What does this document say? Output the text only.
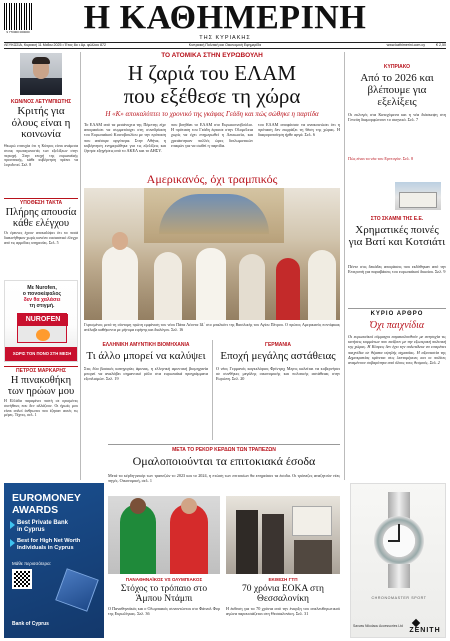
9 770000 000000	Η ΚΑΘΗΜΕΡΙΝΗ
ΤΗΣ ΚΥΡΙΑΚΗΣ
ΛΕΥΚΩΣΙΑ, Κυριακή 11 Μαΐου 2025 • Έτος 8ο • Αρ. φύλλου 872	Κυπριακή Πολιτική και Οικονομική Εφημερίδα	www.kathimerini.com.cy	€ 2,50
ΚΩΝ/ΝΟΣ ΛΕΤΥΜΠΙΩΤΗΣ
Κριτής για όλους είναι η κοινωνία
Θεωρώ επιτυχία ότι η Κύπρος είναι ανάμεσα στους πρωταγωνιστές των εξελίξεων στην περιοχή. Στην εποχή της ευρωπαϊκής προοπτικής, κάθε κυβέρνηση πρέπει να λογοδοτεί. Σελ. 8
ΥΠΟΘΕΣΗ ΤΑΚΤΑ
Πλήρης απουσία κάθε ελέγχου
Οι έρευνες έχουν αποκαλύψει ότι τα ποσά διακινήθηκαν χωρίς κανένα ουσιαστικό έλεγχο από τις αρμόδιες υπηρεσίες. Σελ. 5
Με Nurofen,
ο πονοκέφαλος
δεν θα χαλάσει
τη στιγμή.
NUROFEN
ΧΩΡΙΣ ΤΟΝ ΠΟΝΟ ΣΤΗ ΜΕΣΗ
ΠΕΤΡΟΣ ΜΑΡΚΑΡΗΣ
Η πινακοθήκη των ηρώων μου
Η Ελλάδα παραμένει πιστή σε ορισμένες συνήθειες που δεν αλλάζουν. Οι ήρωές μου είναι απλοί άνθρωποι που έζησαν αυτές τις μέρες. Τέχνες, σελ. 1
EUROMONEY
AWARDS
Best Private Bank
in Cyprus
Best for High Net Worth
Individuals in Cyprus
Μάθε περισσότερα:
Bank of Cyprus
ΤΟ ΑΤΟΜΙΚΑ ΣΤΗΝ ΕΥΡΩΒΟΥΛΗ
Η ζαριά του ΕΛΑΜ
που εξέθεσε τη χώρα
Η «Κ» αποκαλύπτει το χρονικό της γκάφας Γεάδη και πώς σώθηκε η παρτίδα
Το ΕΛΑΜ από τα μεσάνυχτα της Πέμπτης είχε αποφασίσει να συμμετάσχει στη συνεδρίαση του Ευρωπαϊκού Κοινοβουλίου με την πρόταση που απέσυρε αργότερα. Στην Αθήνα, η κυβέρνηση ενημερώθηκε για τις εξελίξεις και ζήτησε εξηγήσεις από το ΑΚΕΛ και το ΔΗΣΥ.
που βοηθάει το ΕΛΑΜ στο Ευρωκοινοβούλιο. Η πρόταση του Γεάδη έφτασε στην Ολομέλεια χωρίς να έχει ενημερωθεί η Λευκωσία, και χρειάστηκαν πολλές ώρες διπλωματικών επαφών για να σωθεί η παρτίδα.
του ΕΛΑΜ αποφάσισε να ανακοινώσει ότι η πρόταση δεν εκφράζει τη θέση της χώρας. Η διαφοροποίηση ήρθε αργά. Σελ. 6
Αμερικανός, όχι τραμπικός
Γυρισμένος μετά τη σύντομη πρώτη εμφάνιση του νέου Πάπα Λέοντα ΙΔ΄ στο μπαλκόνι της Βασιλικής του Αγίου Πέτρου. Ο πρώτος Αμερικανός ποντίφικας ανέλαβε καθήκοντα με μήνυμα ειρήνης και διαλόγου. Σελ. 16
ΕΛΛΗΝΙΚΗ ΑΜΥΝΤΙΚΗ ΒΙΟΜΗΧΑΝΙΑ
Τι άλλο μπορεί να καλύψει
Στις δύο βασικές κατηγορίες άμυνας, η ελληνική αμυντική βιομηχανία μπορεί να αναλάβει σημαντικό ρόλο στα ευρωπαϊκά προγράμματα εξοπλισμών. Σελ. 19
ΓΕΡΜΑΝΙΑ
Εποχή μεγάλης αστάθειας
Ο νέος Γερμανός καγκελάριος Φρίντριχ Μερτς καλείται να κυβερνήσει σε συνθήκες μεγάλης οικονομικής και πολιτικής αστάθειας στην Ευρώπη. Σελ. 20
ΜΕΤΑ ΤΟ ΡΕΚΟΡ ΚΕΡΔΩΝ ΤΩΝ ΤΡΑΠΕΖΩΝ
Ομαλοποιούνται τα επιτοκιακά έσοδα
Μετά τα κέρδη-ρεκόρ των τραπεζών το 2023 και το 2024, η πτώση των επιτοκίων θα επηρεάσει τα έσοδα. Οι τράπεζες αναζητούν νέες πηγές. Οικονομική, σελ. 1
ΠΑΝΑΘΗΝΑΪΚΟΣ VS ΟΛΥΜΠΙΑΚΟΣ
Στόχος το τρόπαιο στο Άμπου Ντάμπι
Ο Παναθηναϊκός και ο Ολυμπιακός συναντώνται στο Φάιναλ Φορ της Ευρωλίγκας. Σελ. 36
ΕΚΘΕΣΗ ΓΤΠ
70 χρόνια ΕΟΚΑ στη Θεσσαλονίκη
Η έκθεση για τα 70 χρόνια από την έναρξη του απελευθερωτικού αγώνα παρουσιάζεται στη Θεσσαλονίκη. Σελ. 31
ΚΥΠΡΙΑΚΟ
Από το 2026 και βλέπουμε για εξελίξεις
Οι εκλογές στα Κατεχόμενα και η νέα διάσκεψη στη Γενεύη διαμορφώνουν το σκηνικό. Σελ. 7
Πώς είναι τα νέα του Ερντογάν. Σελ. 8
ΣΤΟ ΣΚΑΜΝΙ ΤΗΣ Ε.Ε.
Χρηματικές ποινές για Βατί και Κοτσιάτι
Πέντε στις δεκάδες αποφάσεις που εκδόθηκαν από την Επιτροπή για παραβάσεις του ευρωπαϊκού δικαίου. Σελ. 9
ΚΥΡΙΟ ΑΡΘΡΟ
Όχι παιχνίδια
Οι ευρωπαϊκοί σύμμαχοι παρακολουθούν με ανησυχία τις κινήσεις κομμάτων που παίζουν με την εξωτερική πολιτική της χώρας. Η Κύπρος δεν έχει την πολυτέλεια να επιτρέπει παιχνίδια σε θέματα υψηλής σημασίας. Η αξιοπιστία της Δημοκρατίας κρίνεται στις λεπτομέρειες και οι πολίτες αναμένουν σοβαρότητα από όλους τους θεσμούς. Σελ. 2
CHRONOMASTER SPORT
Savvas Nikolaou Accessories Ltd
ZENITH
